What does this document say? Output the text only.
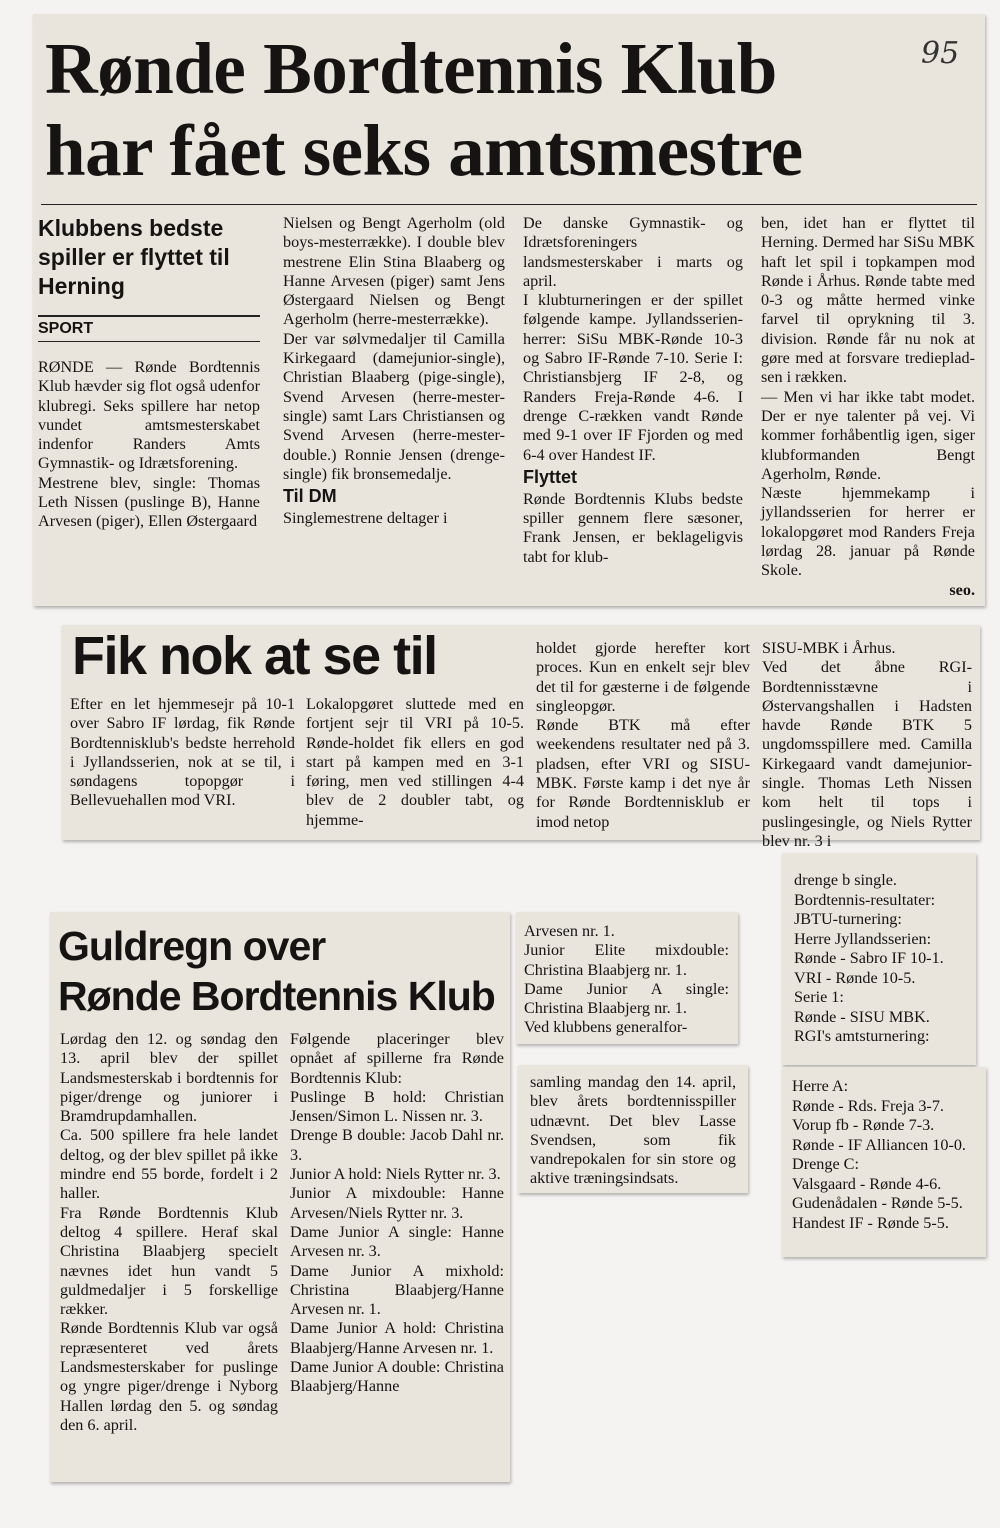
Rønde Bordtennis Klub
har fået seks amtsmestre
95
Klubbens bedste spiller er flyttet til Herning
SPORT
RØNDE — Rønde Bordtennis Klub hævder sig flot også udenfor klubregi. Seks spillere har netop vundet amtsmesterskabet indenfor Randers Amts Gymnastik- og Idrætsforening.
Mestrene blev, single: Thomas Leth Nissen (puslinge B), Hanne Arvesen (piger), Ellen Østergaard
Nielsen og Bengt Agerholm (old boys-mesterrække). I double blev mestrene Elin Stina Blaaberg og Hanne Arvesen (piger) samt Jens Østergaard Nielsen og Bengt Agerholm (herre-mesterrække).
Der var sølvmedaljer til Camilla Kirkegaard (damejunior-single), Christian Blaaberg (pige-single), Svend Arvesen (herre-mester-single) samt Lars Christiansen og Svend Arvesen (herre-mester-double.) Ronnie Jensen (drenge-single) fik bronsemedalje.
Til DM
Singlemestrene deltager i
De danske Gymnastik- og Idrætsforeningers landsmesterskaber i marts og april.
I klubturneringen er der spillet følgende kampe. Jyllandsserien-herrer: SiSu MBK-Rønde 10-3 og Sabro IF-Rønde 7-10. Serie I: Christiansbjerg IF 2-8, og Randers Freja-Rønde 4-6. I drenge C-rækken vandt Rønde med 9-1 over IF Fjorden og med 6-4 over Handest IF.
Flyttet
Rønde Bordtennis Klubs bedste spiller gennem flere sæsoner, Frank Jensen, er beklageligvis tabt for klub-
ben, idet han er flyttet til Herning. Dermed har SiSu MBK haft let spil i topkampen mod Rønde i Århus. Rønde tabte med 0-3 og måtte hermed vinke farvel til oprykning til 3. division. Rønde får nu nok at gøre med at forsvare trediepladsen i rækken.
— Men vi har ikke tabt modet. Der er nye talenter på vej. Vi kommer forhåbentlig igen, siger klubformanden Bengt Agerholm, Rønde.
Næste hjemmekamp i jyllandsserien for herrer er lokalopgøret mod Randers Freja lørdag 28. januar på Rønde Skole.
seo.
Fik nok at se til
Efter en let hjemmesejr på 10-1 over Sabro IF lørdag, fik Rønde Bordtennisklub's bedste herrehold i Jyllandsserien, nok at se til, i søndagens topopgør i Bellevuehallen mod VRI.
Lokalopgøret sluttede med en fortjent sejr til VRI på 10-5. Rønde-holdet fik ellers en god start på kampen med en 3-1 føring, men ved stillingen 4-4 blev de 2 doubler tabt, og hjemme-
holdet gjorde herefter kort proces. Kun en enkelt sejr blev det til for gæsterne i de følgende singleopgør.
Rønde BTK må efter weekendens resultater ned på 3. pladsen, efter VRI og SISU-MBK. Første kamp i det nye år for Rønde Bordtennisklub er imod netop
SISU-MBK i Århus.
Ved det åbne RGI-Bordtennisstævne i Østervangshallen i Hadsten havde Rønde BTK 5 ungdomsspillere med. Camilla Kirkegaard vandt damejunior-single. Thomas Leth Nissen kom helt til tops i puslingesingle, og Niels Rytter blev nr. 3 i
drenge b single.
Bordtennis-resultater:
JBTU-turnering:
Herre Jyllandsserien:
Rønde - Sabro IF 10-1.
VRI - Rønde 10-5.
Serie 1:
Rønde - SISU MBK.
RGI's amtsturnering:
Herre A:
Rønde - Rds. Freja 3-7.
Vorup fb - Rønde 7-3.
Rønde - IF Alliancen 10-0.
Drenge C:
Valsgaard - Rønde 4-6.
Gudenådalen - Rønde 5-5.
Handest IF - Rønde 5-5.
Guldregn over
Rønde Bordtennis Klub
Lørdag den 12. og søndag den 13. april blev der spillet Landsmesterskab i bordtennis for piger/drenge og juniorer i Bramdrupdamhallen.
Ca. 500 spillere fra hele landet deltog, og der blev spillet på ikke mindre end 55 borde, fordelt i 2 haller.
Fra Rønde Bordtennis Klub deltog 4 spillere. Heraf skal Christina Blaabjerg specielt nævnes idet hun vandt 5 guldmedaljer i 5 forskellige rækker.
Rønde Bordtennis Klub var også repræsenteret ved årets Landsmesterskaber for puslinge og yngre piger/drenge i Nyborg Hallen lørdag den 5. og søndag den 6. april.
Følgende placeringer blev opnået af spillerne fra Rønde Bordtennis Klub:
Puslinge B hold: Christian Jensen/Simon L. Nissen nr. 3.
Drenge B double: Jacob Dahl nr. 3.
Junior A hold: Niels Rytter nr. 3.
Junior A mixdouble: Hanne Arvesen/Niels Rytter nr. 3.
Dame Junior A single: Hanne Arvesen nr. 3.
Dame Junior A mixhold: Christina Blaabjerg/Hanne Arvesen nr. 1.
Dame Junior A hold: Christina Blaabjerg/Hanne Arvesen nr. 1.
Dame Junior A double: Christina Blaabjerg/Hanne
Arvesen nr. 1.
Junior Elite mixdouble: Christina Blaabjerg nr. 1.
Dame Junior A single: Christina Blaabjerg nr. 1.
Ved klubbens generalfor-
samling mandag den 14. april, blev årets bordtennisspiller udnævnt. Det blev Lasse Svendsen, som fik vandrepokalen for sin store og aktive træningsindsats.
